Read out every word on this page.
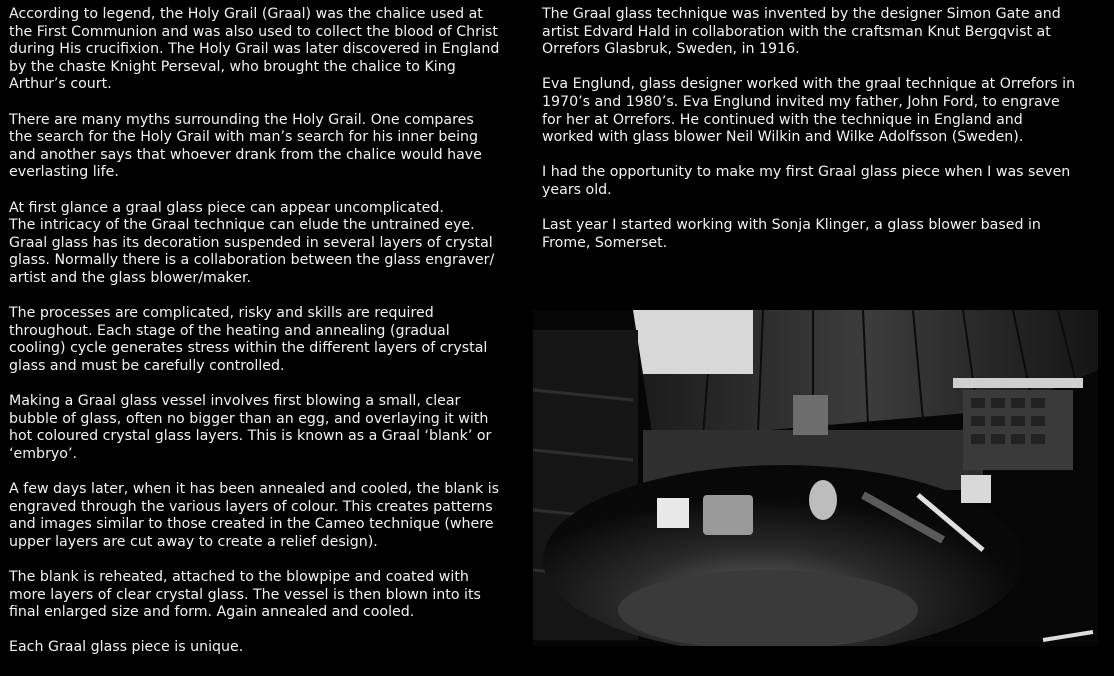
According to legend, the Holy Grail (Graal) was the chalice used at
the First Communion and was also used to collect the blood of Christ
during His crucifixion. The Holy Grail was later discovered in England
by the chaste Knight Perseval, who brought the chalice to King
Arthur’s court.

There are many myths surrounding the Holy Grail. One compares
the search for the Holy Grail with man’s search for his inner being
and another says that whoever drank from the chalice would have
everlasting life.

At first glance a graal glass piece can appear uncomplicated.
The intricacy of the Graal technique can elude the untrained eye.
Graal glass has its decoration suspended in several layers of crystal
glass. Normally there is a collaboration between the glass engraver/
artist and the glass blower/maker.

The processes are complicated, risky and skills are required
throughout. Each stage of the heating and annealing (gradual
cooling) cycle generates stress within the different layers of crystal
glass and must be carefully controlled.

Making a Graal glass vessel involves first blowing a small, clear
bubble of glass, often no bigger than an egg, and overlaying it with
hot coloured crystal glass layers. This is known as a Graal ‘blank’ or
‘embryo’.

A few days later, when it has been annealed and cooled, the blank is
engraved through the various layers of colour. This creates patterns
and images similar to those created in the Cameo technique (where
upper layers are cut away to create a relief design).

The blank is reheated, attached to the blowpipe and coated with
more layers of clear crystal glass. The vessel is then blown into its
final enlarged size and form. Again annealed and cooled.

Each Graal glass piece is unique.

The Graal glass technique was invented by the designer Simon Gate and
artist Edvard Hald in collaboration with the craftsman Knut Bergqvist at
Orrefors Glasbruk, Sweden, in 1916.

Eva Englund, glass designer worked with the graal technique at Orrefors in
1970’s and 1980’s. Eva Englund invited my father, John Ford, to engrave
for her at Orrefors. He continued with the technique in England and
worked with glass blower Neil Wilkin and Wilke Adolfsson (Sweden).

I had the opportunity to make my first Graal glass piece when I was seven
years old.

Last year I started working with Sonja Klinger, a glass blower based in
Frome, Somerset.
